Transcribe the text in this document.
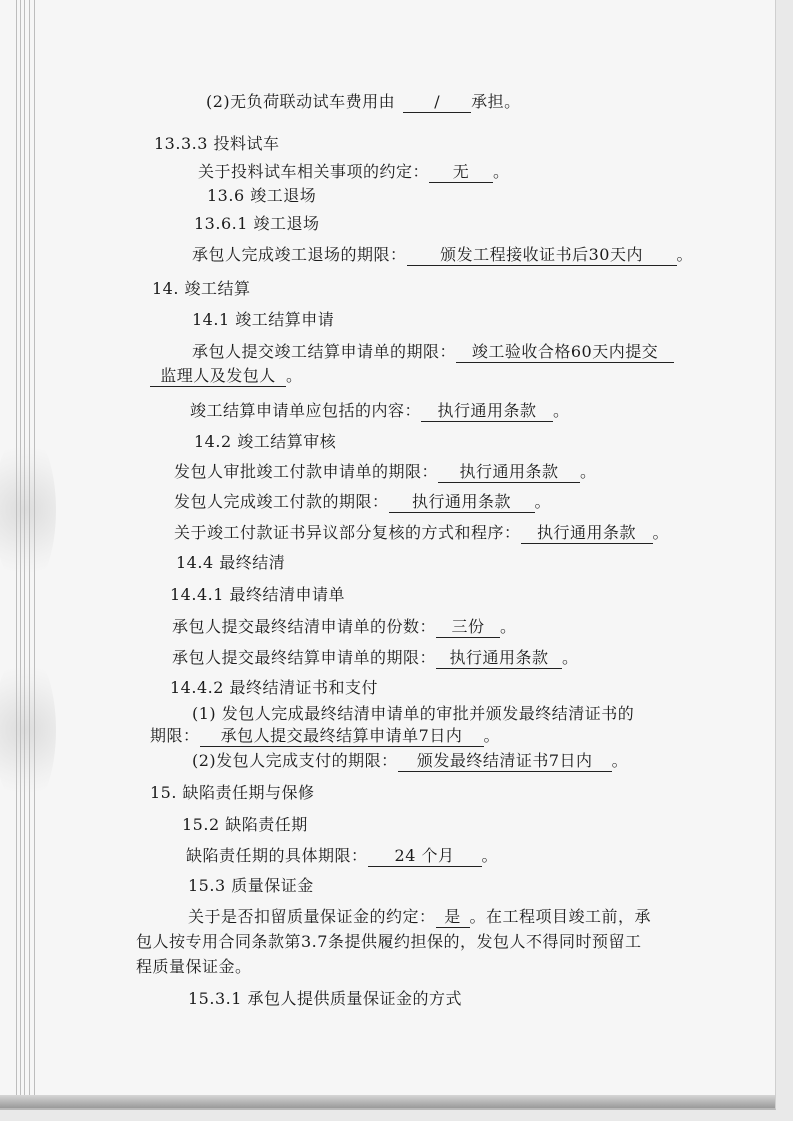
(2)无负荷联动试车费用由 / 承担。
13.3.3 投料试车
关于投料试车相关事项的约定： 无 。
13.6 竣工退场
13.6.1 竣工退场
承包人完成竣工退场的期限： 颁发工程接收证书后30天内 。
14. 竣工结算
14.1 竣工结算申请
承包人提交竣工结算申请单的期限： 竣工验收合格60天内提交
监理人及发包人 。
竣工结算申请单应包括的内容： 执行通用条款 。
14.2 竣工结算审核
发包人审批竣工付款申请单的期限： 执行通用条款 。
发包人完成竣工付款的期限： 执行通用条款 。
关于竣工付款证书异议部分复核的方式和程序： 执行通用条款 。
14.4 最终结清
14.4.1 最终结清申请单
承包人提交最终结清申请单的份数： 三份 。
承包人提交最终结算申请单的期限： 执行通用条款 。
14.4.2 最终结清证书和支付
(1) 发包人完成最终结清申请单的审批并颁发最终结清证书的
期限： 承包人提交最终结算申请单7日内 。
(2)发包人完成支付的期限： 颁发最终结清证书7日内 。
15. 缺陷责任期与保修
15.2 缺陷责任期
缺陷责任期的具体期限： 24 个月 。
15.3 质量保证金
关于是否扣留质量保证金的约定： 是 。在工程项目竣工前，承
包人按专用合同条款第3.7条提供履约担保的，发包人不得同时预留工
程质量保证金。
15.3.1 承包人提供质量保证金的方式
